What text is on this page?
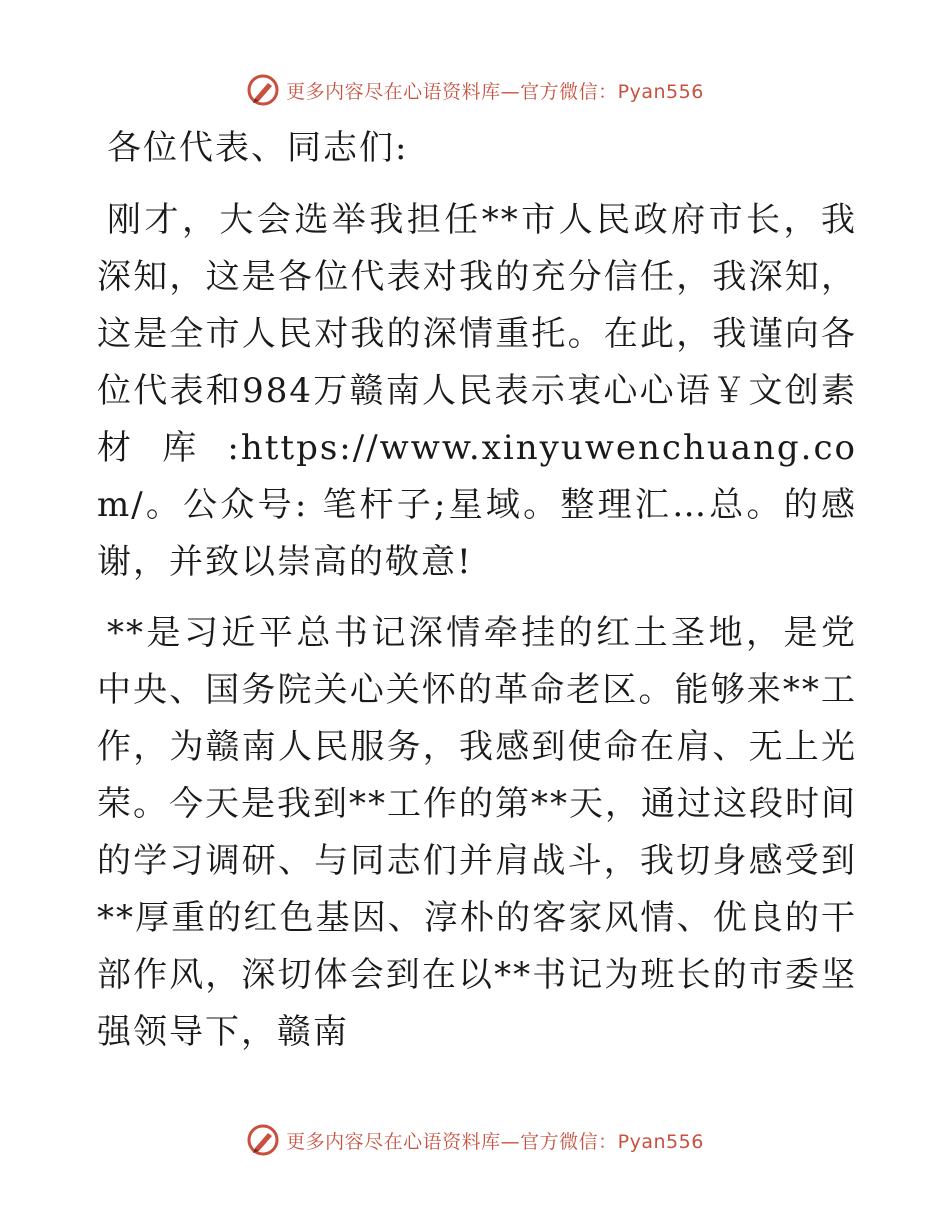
更多内容尽在心语资料库—官方微信：Pyan556

各位代表、同志们:

刚才，大会选举我担任**市人民政府市长，我深知，这是各位代表对我的充分信任，我深知，这是全市人民对我的深情重托。在此，我谨向各位代表和984万赣南人民表示衷心心语￥文创素材库:https://www.xinyuwenchuang.com/。公众号: 笔杆子;星域。整理汇…总。的感谢，并致以崇高的敬意!

**是习近平总书记深情牵挂的红土圣地，是党中央、国务院关心关怀的革命老区。能够来**工作，为赣南人民服务，我感到使命在肩、无上光荣。今天是我到**工作的第**天，通过这段时间的学习调研、与同志们并肩战斗，我切身感受到**厚重的红色基因、淳朴的客家风情、优良的干部作风，深切体会到在以**书记为班长的市委坚强领导下，赣南

更多内容尽在心语资料库—官方微信：Pyan556
